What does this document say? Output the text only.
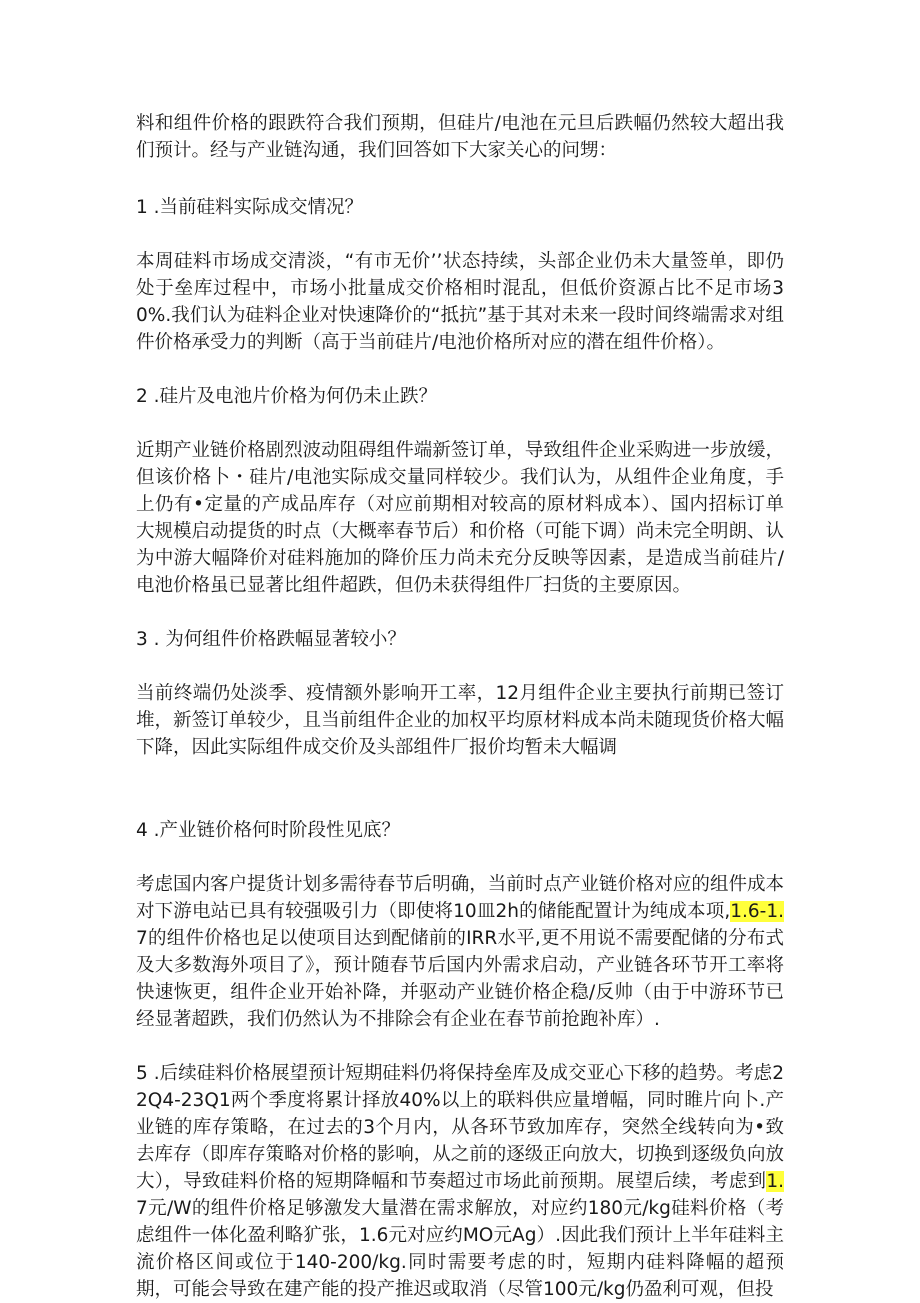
料和组件价格的跟跌符合我们预期，但硅片/电池在元旦后跌幅仍然较大超出我们预计。经与产业链沟通，我们回答如下大家关心的问甥：

1 .当前硅料实际成交情况？

本周硅料市场成交清淡，“有市无价’’状态持续，头部企业仍未大量签单，即仍处于垒库过程中，市场小批量成交价格相时混乱，但低价资源占比不足市场30%.我们认为硅料企业对快速降价的“抵抗”基于其对未来一段时间终端需求对组件价格承受力的判断（高于当前硅片/电池价格所对应的潜在组件价格）。

2 .硅片及电池片价格为何仍未止跌？

近期产业链价格剧烈波动阻碍组件端新签订单，导致组件企业采购进一步放缓，但该价格卜・硅片/电池实际成交量同样较少。我们认为，从组件企业角度，手上仍有•定量的产成品库存（对应前期相对较高的原材料成本）、国内招标订单大规模启动提货的时点（大概率春节后）和价格（可能下调）尚未完全明朗、认为中游大幅降价对硅料施加的降价压力尚未充分反映等因素，是造成当前硅片/电池价格虽已显著比组件超跌，但仍未获得组件厂扫货的主要原因。

3 . 为何组件价格跌幅显著较小？

当前终端仍处淡季、疫情额外影响开工率，12月组件企业主要执行前期已签订堆，新签订单较少，且当前组件企业的加权平均原材料成本尚未随现货价格大幅下降，因此实际组件成交价及头部组件厂报价均暂未大幅调

4 .产业链价格何时阶段性见底？

考虑国内客户提货计划多需待春节后明确，当前时点产业链价格对应的组件成本对下游电站已具有较强吸引力（即使将10皿2h的储能配置计为纯成本项,1.6-1.7的组件价格也足以使项目达到配储前的IRR水平,更不用说不需要配储的分布式及大多数海外项目了》，预计随春节后国内外需求启动，产业链各环节开工率将快速恢更，组件企业开始补降，并驱动产业链价格企稳/反帅（由于中游环节已经显著超跌，我们仍然认为不排除会有企业在春节前抢跑补库）.

5 .后续硅料价格展望预计短期硅料仍将保持垒库及成交亚心下移的趋势。考虑22Q4-23Q1两个季度将累计择放40%以上的联料供应量增幅，同时睢片向卜.产业链的库存策略，在过去的3个月内，从各环节致加库存，突然全线转向为•致去库存（即库存策略对价格的影响，从之前的逐级正向放大，切换到逐级负向放大），导致硅料价格的短期降幅和节奏超过市场此前预期。展望后续，考虑到1.7元/W的组件价格足够激发大量潜在需求解放，对应约180元/kg硅料价格（考虑组件一体化盈利略犷张，1.6元对应约MO元Ag）.因此我们预计上半年硅料主流价格区间或位于140-200/kg.同时需要考虑的时，短期内硅料降幅的超预期，可能会导致在建产能的投产推迟或取消（尽管100元/kg仍盈利可观，但投
